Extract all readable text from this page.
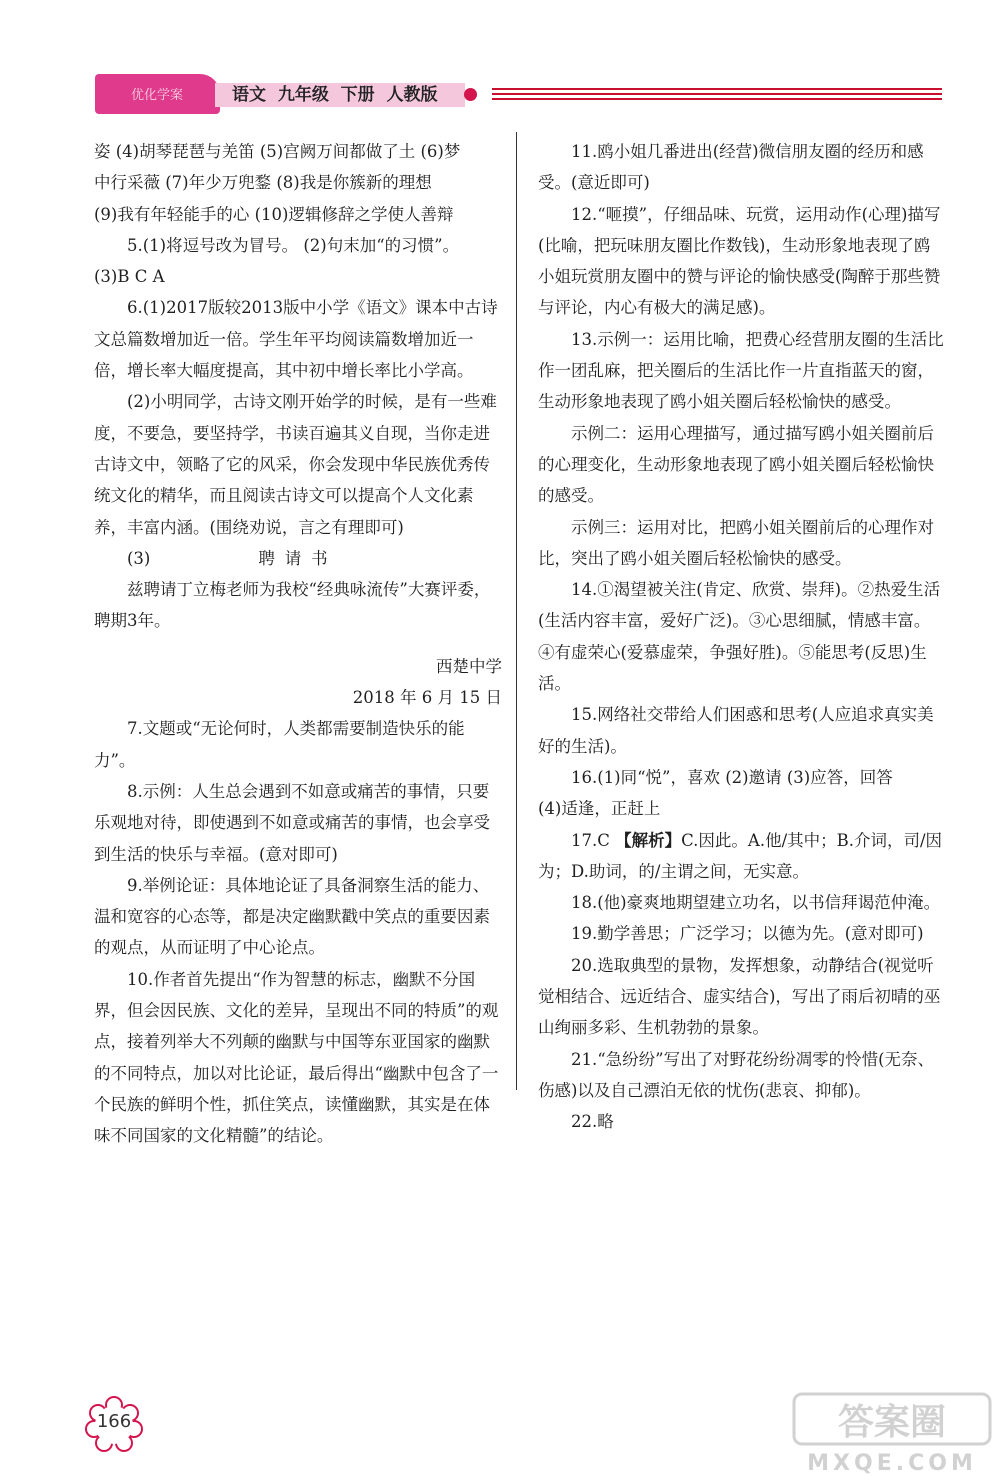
优化学案	语文  九年级  下册  人教版

姿 (4)胡琴琵琶与羌笛 (5)宫阙万间都做了土 (6)梦

中行采薇 (7)年少万兜鍪 (8)我是你簇新的理想

(9)我有年轻能手的心 (10)逻辑修辞之学使人善辩

5.(1)将逗号改为冒号。 (2)句末加“的习惯”。

(3)B C A

6.(1)2017版较2013版中小学《语文》课本中古诗文总篇数增加近一倍。学生年平均阅读篇数增加近一倍，增长率大幅度提高，其中初中增长率比小学高。

(2)小明同学，古诗文刚开始学的时候，是有一些难度，不要急，要坚持学，书读百遍其义自现，当你走进古诗文中，领略了它的风采，你会发现中华民族优秀传统文化的精华，而且阅读古诗文可以提高个人文化素养，丰富内涵。(围绕劝说，言之有理即可)

(3)	聘请书

兹聘请丁立梅老师为我校“经典咏流传”大赛评委，聘期3年。

西楚中学

2018 年 6 月 15 日

7.文题或“无论何时，人类都需要制造快乐的能力”。

8.示例：人生总会遇到不如意或痛苦的事情，只要乐观地对待，即使遇到不如意或痛苦的事情，也会享受到生活的快乐与幸福。(意对即可)

9.举例论证：具体地论证了具备洞察生活的能力、温和宽容的心态等，都是决定幽默戳中笑点的重要因素的观点，从而证明了中心论点。

10.作者首先提出“作为智慧的标志，幽默不分国界，但会因民族、文化的差异，呈现出不同的特质”的观点，接着列举大不列颠的幽默与中国等东亚国家的幽默的不同特点，加以对比论证，最后得出“幽默中包含了一个民族的鲜明个性，抓住笑点，读懂幽默，其实是在体味不同国家的文化精髓”的结论。

11.鸥小姐几番进出(经营)微信朋友圈的经历和感受。(意近即可)

12.“咂摸”，仔细品味、玩赏，运用动作(心理)描写(比喻，把玩味朋友圈比作数钱)，生动形象地表现了鸥小姐玩赏朋友圈中的赞与评论的愉快感受(陶醉于那些赞与评论，内心有极大的满足感)。

13.示例一：运用比喻，把费心经营朋友圈的生活比作一团乱麻，把关圈后的生活比作一片直指蓝天的窗，生动形象地表现了鸥小姐关圈后轻松愉快的感受。

示例二：运用心理描写，通过描写鸥小姐关圈前后的心理变化，生动形象地表现了鸥小姐关圈后轻松愉快的感受。

示例三：运用对比，把鸥小姐关圈前后的心理作对比，突出了鸥小姐关圈后轻松愉快的感受。

14.①渴望被关注(肯定、欣赏、崇拜)。②热爱生活(生活内容丰富，爱好广泛)。③心思细腻，情感丰富。④有虚荣心(爱慕虚荣，争强好胜)。⑤能思考(反思)生活。

15.网络社交带给人们困惑和思考(人应追求真实美好的生活)。

16.(1)同“悦”，喜欢 (2)邀请 (3)应答，回答

(4)适逢，正赶上

17.C 【解析】C.因此。A.他/其中；B.介词，司/因为；D.助词，的/主谓之间，无实意。

18.(他)豪爽地期望建立功名，以书信拜谒范仲淹。

19.勤学善思；广泛学习；以德为先。(意对即可)

20.选取典型的景物，发挥想象，动静结合(视觉听觉相结合、远近结合、虚实结合)，写出了雨后初晴的巫山绚丽多彩、生机勃勃的景象。

21.“急纷纷”写出了对野花纷纷凋零的怜惜(无奈、伤感)以及自己漂泊无依的忧伤(悲哀、抑郁)。

22.略

166	答案圈
MXQE.COM
